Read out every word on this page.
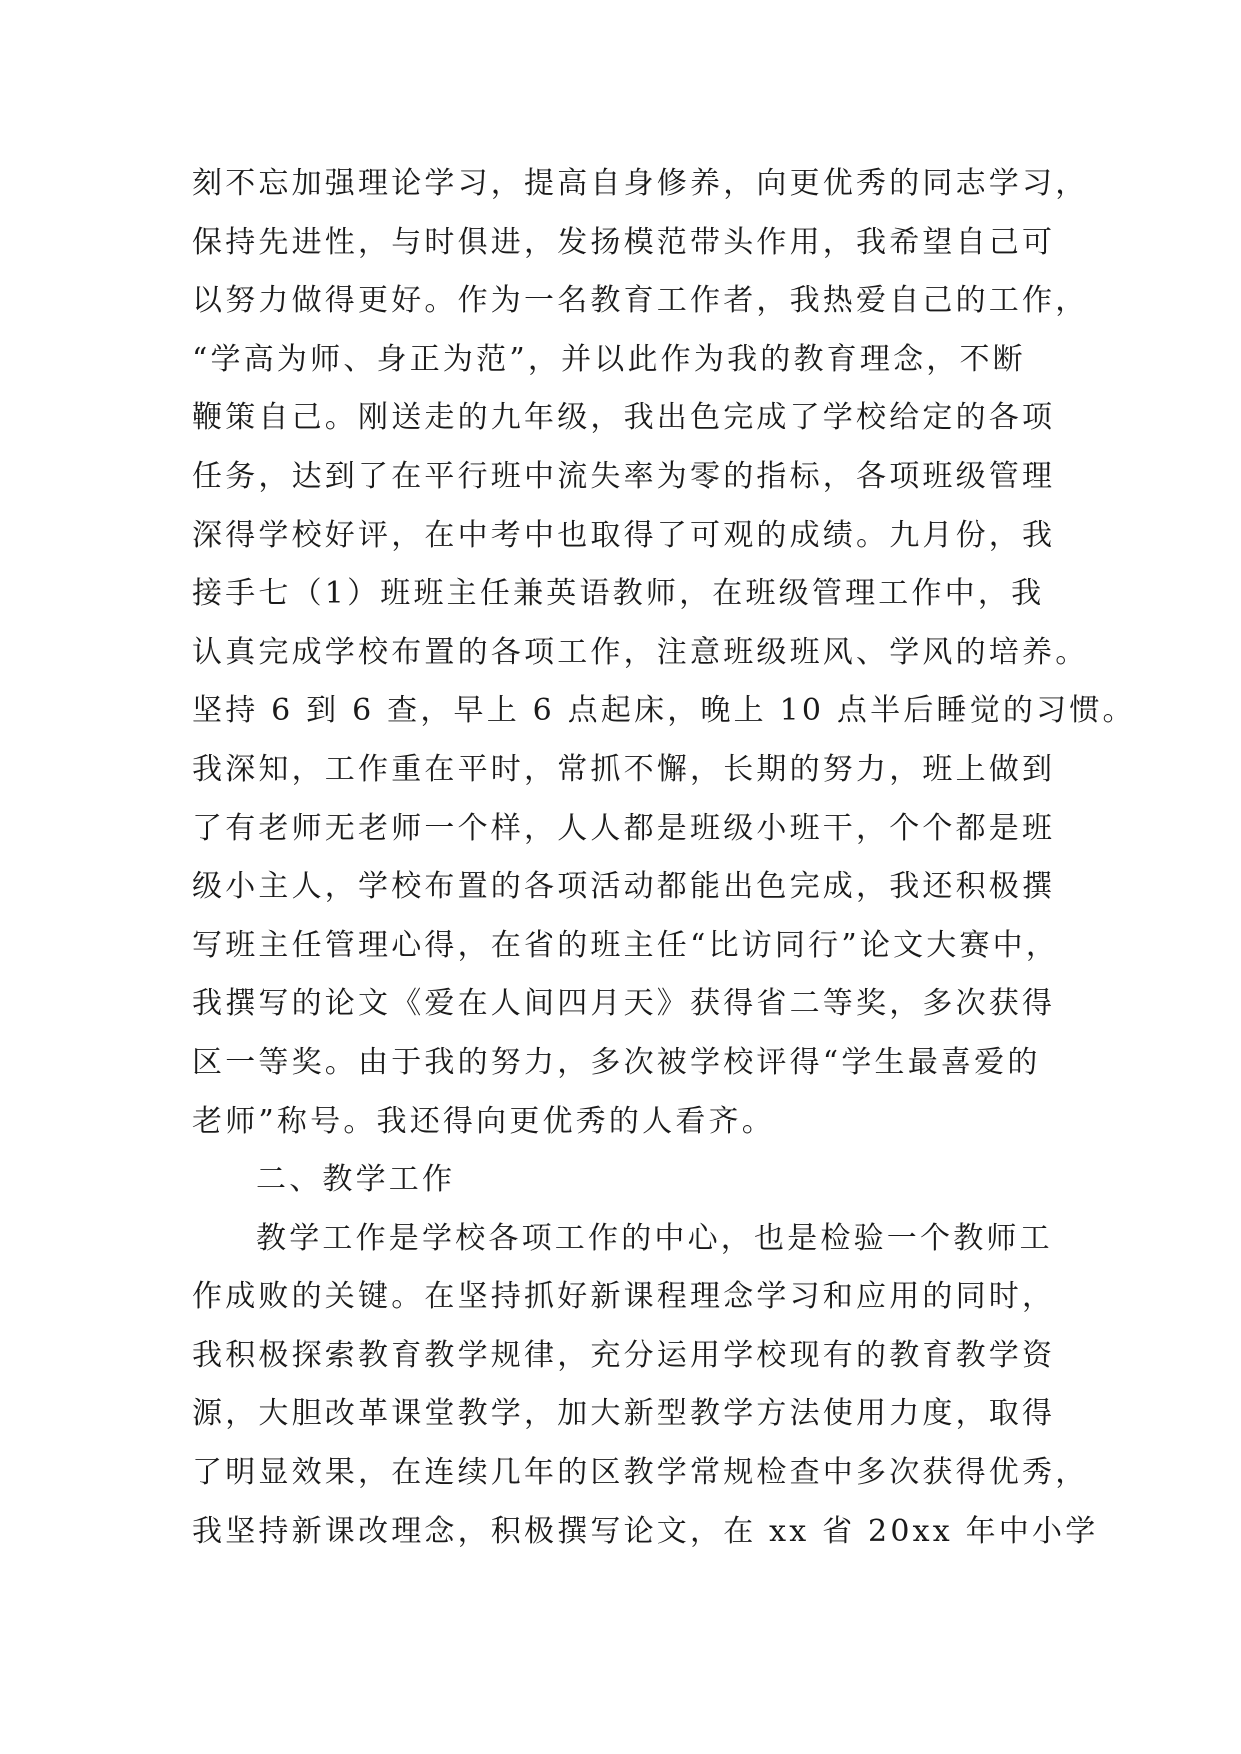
刻不忘加强理论学习，提高自身修养，向更优秀的同志学习，
保持先进性，与时俱进，发扬模范带头作用，我希望自己可
以努力做得更好。作为一名教育工作者，我热爱自己的工作，
“学高为师、身正为范”，并以此作为我的教育理念，不断
鞭策自己。刚送走的九年级，我出色完成了学校给定的各项
任务，达到了在平行班中流失率为零的指标，各项班级管理
深得学校好评，在中考中也取得了可观的成绩。九月份，我
接手七（1）班班主任兼英语教师，在班级管理工作中，我
认真完成学校布置的各项工作，注意班级班风、学风的培养。
坚持 6 到 6 查，早上 6 点起床，晚上 10 点半后睡觉的习惯。
我深知，工作重在平时，常抓不懈，长期的努力，班上做到
了有老师无老师一个样，人人都是班级小班干，个个都是班
级小主人，学校布置的各项活动都能出色完成，我还积极撰
写班主任管理心得，在省的班主任“比访同行”论文大赛中，
我撰写的论文《爱在人间四月天》获得省二等奖，多次获得
区一等奖。由于我的努力，多次被学校评得“学生最喜爱的
老师”称号。我还得向更优秀的人看齐。
二、教学工作
教学工作是学校各项工作的中心，也是检验一个教师工
作成败的关键。在坚持抓好新课程理念学习和应用的同时，
我积极探索教育教学规律，充分运用学校现有的教育教学资
源，大胆改革课堂教学，加大新型教学方法使用力度，取得
了明显效果，在连续几年的区教学常规检查中多次获得优秀，
我坚持新课改理念，积极撰写论文，在 xx 省 20xx 年中小学
